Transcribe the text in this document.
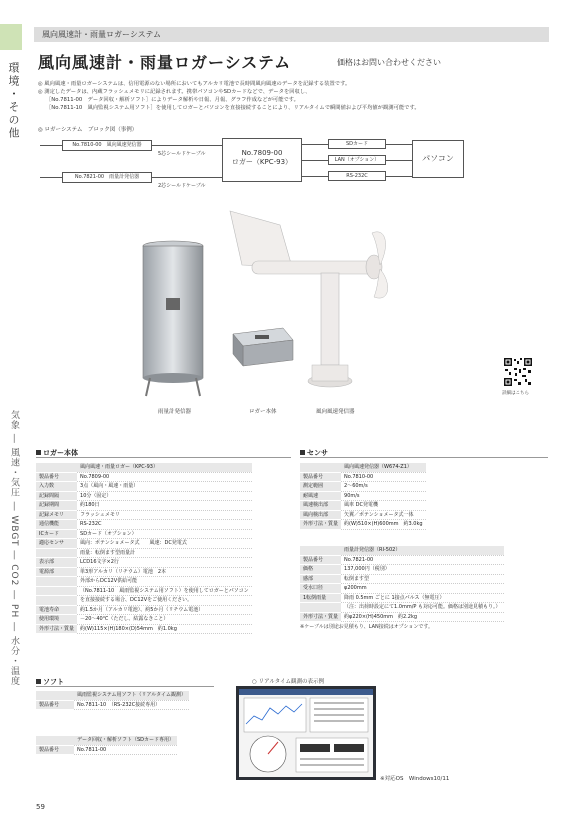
環境・その他
気象 ― 風速・気圧 ― WBGT ― CO2 ― PH ― 水分・温度
風向風速計・雨量ロガーシステム
風向風速計・雨量ロガーシステム	価格はお問い合わせください

◎ 風向風速・雨量ロガーシステムは、信用電源のない場所においてもアルカリ電池で長時間風向風速のデータを記録する装置です。

◎ 測定したデータは、内蔵フラッシュメモリに記録されます。携帯パソコンやSDカードなどで、データを回収し、

［No.7811-00　データ回収・解析ソフト］によりデータ解析や日報、月報、グラフ作成などが可能です。

［No.7811-10　風向監視システム用ソフト］を使用してロガーとパソコンを直接接続することにより、リアルタイムで瞬間値および平均値が観測可能です。

◎ ロガーシステム　ブロック図（事例）
No.7810-00　風向風速発信器
No.7821-00　雨量計発信器
5芯シールドケーブル
2芯シールドケーブル
No.7809-00
ロガー（KPC-93）
SDカード
LAN（オプション）
RS-232C
パソコン
雨量計発信器	ロガー本体	風向風速発信器
詳細はこちら
ロガー本体
	風向風速・雨量ロガー（KPC-93）
製品番号	No.7809-00
入力数	3点（風向・風速・雨量）
記録間隔	10分（固定）
記録期間	約180日
記録メモリ	フラッシュメモリ
通信機能	RS-232C
ICカード	SDカード（オプション）
適応センサ	風向：ポテンショメータ式　　風速：DC発電式
	雨量：転倒ます型雨量計
表示部	LCD16文字×2行
電源部	単3形アルカリ（リチウム）電池　2本
	外部からDC12V供給可能
	（No.7811-10　風雨監視システム用ソフト）を使用してロガーとパソコン
	を直接接続する場合、DC12Vをご使用ください。
電池寿命	約1.5か月（アルカリ電池）、約5か月（リチウム電池）
使用環境	－20〜40℃（ただし、結露なきこと）
外形寸法・質量	約(W)115×(H)180×(D)54mm　約1.0kg
センサ
	風向風速発信器（W674-Z1）
製品番号	No.7810-00
測定範囲	2〜60m/s
耐風速	90m/s
風速検出部	風車 DC発電機
風向検出部	矢翼／ポテンショメータ式一体
外形寸法・質量	約(W)510×(H)600mm　約3.0kg
	雨量計発信器（RI-502）
製品番号	No.7821-00
価格	137,000円（税別）
感部	転倒ます型
受水口径	φ200mm
1転倒雨量	降雨 0.5mm ごとに 1接点パルス（無電圧）
	（注：出荷時設定にて1.0mm/P も対応可能。価格は別途見積もり。）
外形寸法・質量	約φ220×(H)450mm　約2.2kg
※ケーブルは別途お見積もり、LAN接続はオプションです。
ソフト
	風雨監視システム用ソフト（リアルタイム観測）
製品番号	No.7811-10　（RS-232C接続専用）
	データ回収・解析ソフト（SDカード専用）
製品番号	No.7811-00
○ リアルタイム観測の表示例
※対応OS　Windows10/11
59
